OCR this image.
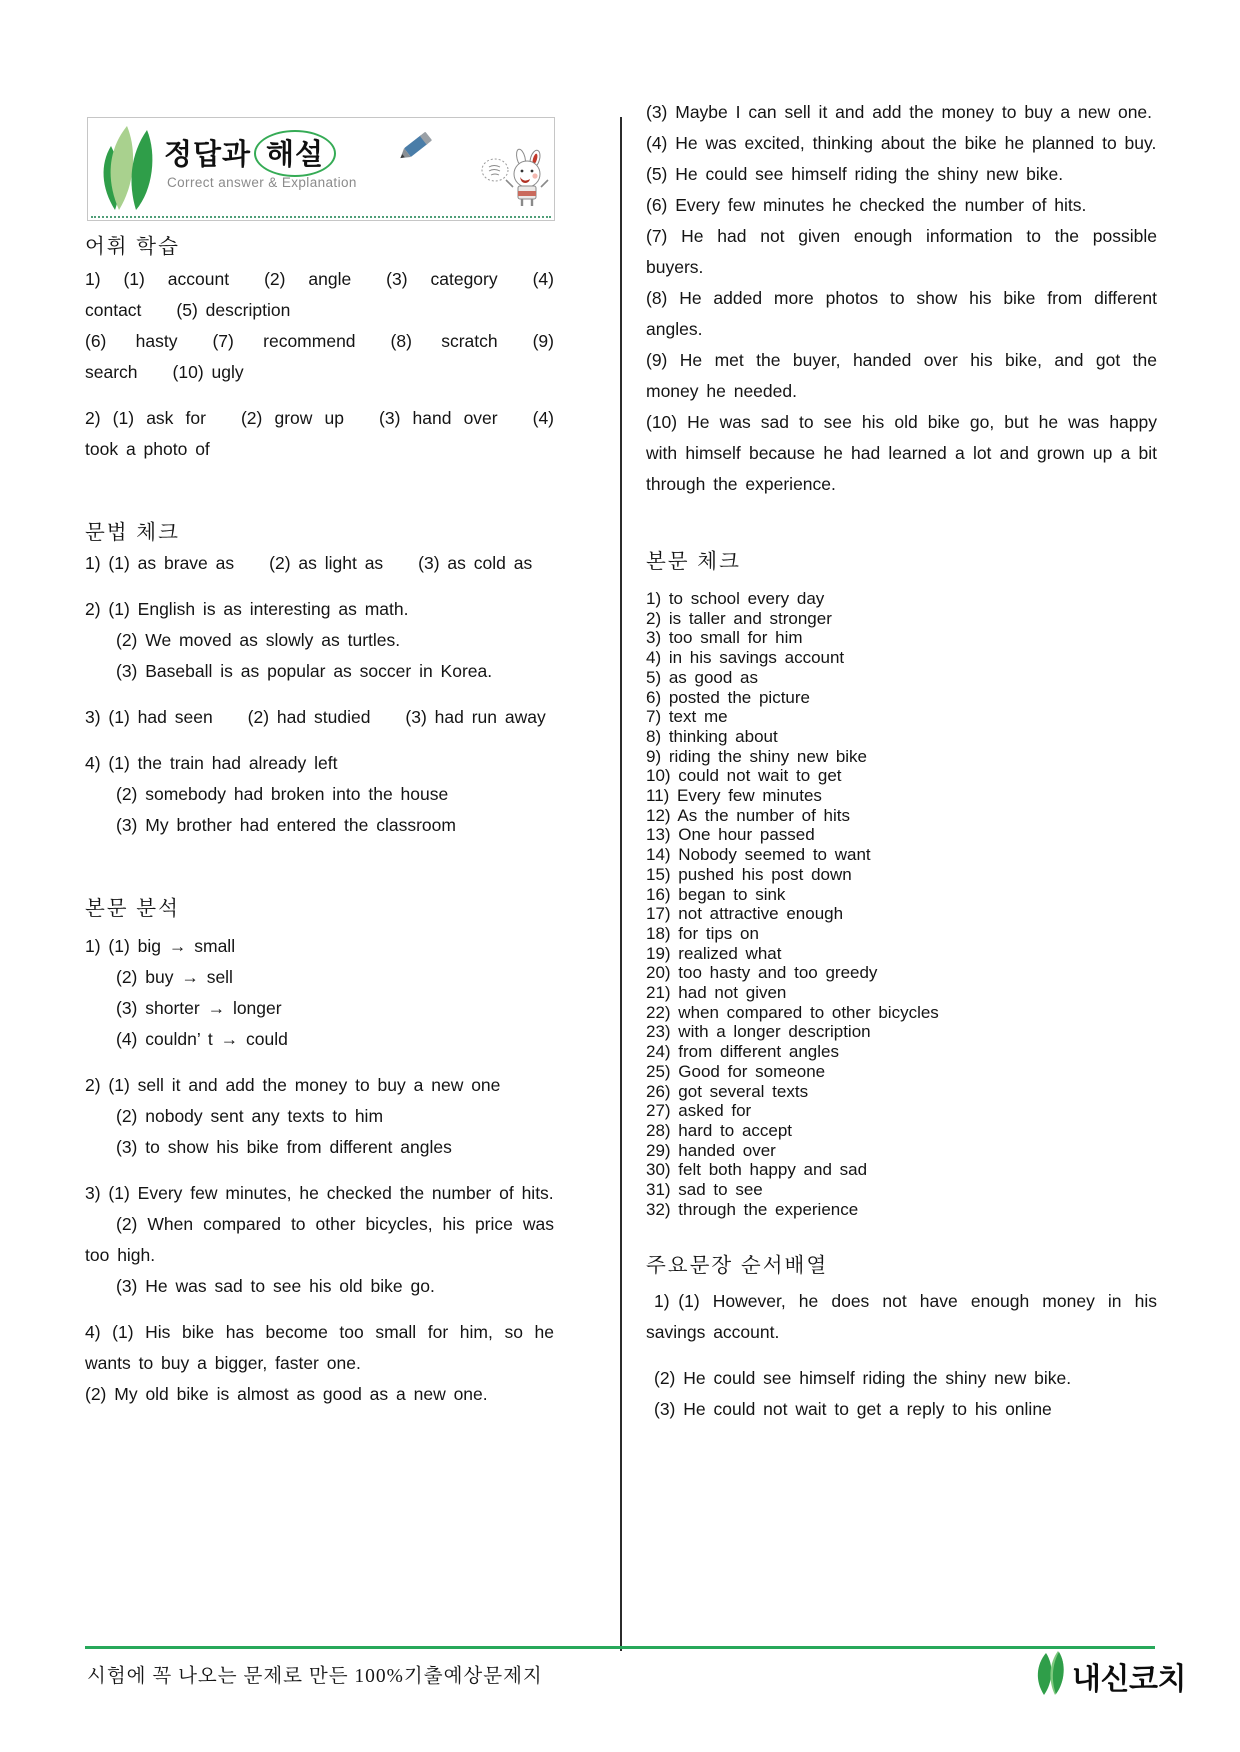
정답과 해설
Correct answer & Explanation
어휘 학습
1) (1) account  (2) angle  (3) category  (4) contact  (5) description
(6) hasty  (7) recommend  (8) scratch  (9) search  (10) ugly
2) (1) ask for  (2) grow up  (3) hand over  (4) took a photo of
문법 체크
1) (1) as brave as  (2) as light as  (3) as cold as
2) (1) English is as interesting as math.
(2) We moved as slowly as turtles.
(3) Baseball is as popular as soccer in Korea.
3) (1) had seen  (2) had studied  (3) had run away
4) (1) the train had already left
(2) somebody had broken into the house
(3) My brother had entered the classroom
본문 분석
1) (1) big → small
(2) buy → sell
(3) shorter → longer
(4) couldn’ t → could
2) (1) sell it and add the money to buy a new one
(2) nobody sent any texts to him
(3) to show his bike from different angles
3) (1) Every few minutes, he checked the number of hits.
(2) When compared to other bicycles, his price was too high.
(3) He was sad to see his old bike go.
4) (1) His bike has become too small for him, so he wants to buy a bigger, faster one.
(2) My old bike is almost as good as a new one.
(3) Maybe I can sell it and add the money to buy a new one.
(4) He was excited, thinking about the bike he planned to buy.
(5) He could see himself riding the shiny new bike.
(6) Every few minutes he checked the number of hits.
(7) He had not given enough information to the possible buyers.
(8) He added more photos to show his bike from different angles.
(9) He met the buyer, handed over his bike, and got the money he needed.
(10) He was sad to see his old bike go, but he was happy with himself because he had learned a lot and grown up a bit through the experience.
본문 체크
1) to school every day
2) is taller and stronger
3) too small for him
4) in his savings account
5) as good as
6) posted the picture
7) text me
8) thinking about
9) riding the shiny new bike
10) could not wait to get
11) Every few minutes
12) As the number of hits
13) One hour passed
14) Nobody seemed to want
15) pushed his post down
16) began to sink
17) not attractive enough
18) for tips on
19) realized what
20) too hasty and too greedy
21) had not given
22) when compared to other bicycles
23) with a longer description
24) from different angles
25) Good for someone
26) got several texts
27) asked for
28) hard to accept
29) handed over
30) felt both happy and sad
31) sad to see
32) through the experience
주요문장 순서배열
1) (1) However, he does not have enough money in his savings account.
(2) He could see himself riding the shiny new bike.
(3) He could not wait to get a reply to his online
시험에 꼭 나오는 문제로 만든 100%기출예상문제지	내신코치
